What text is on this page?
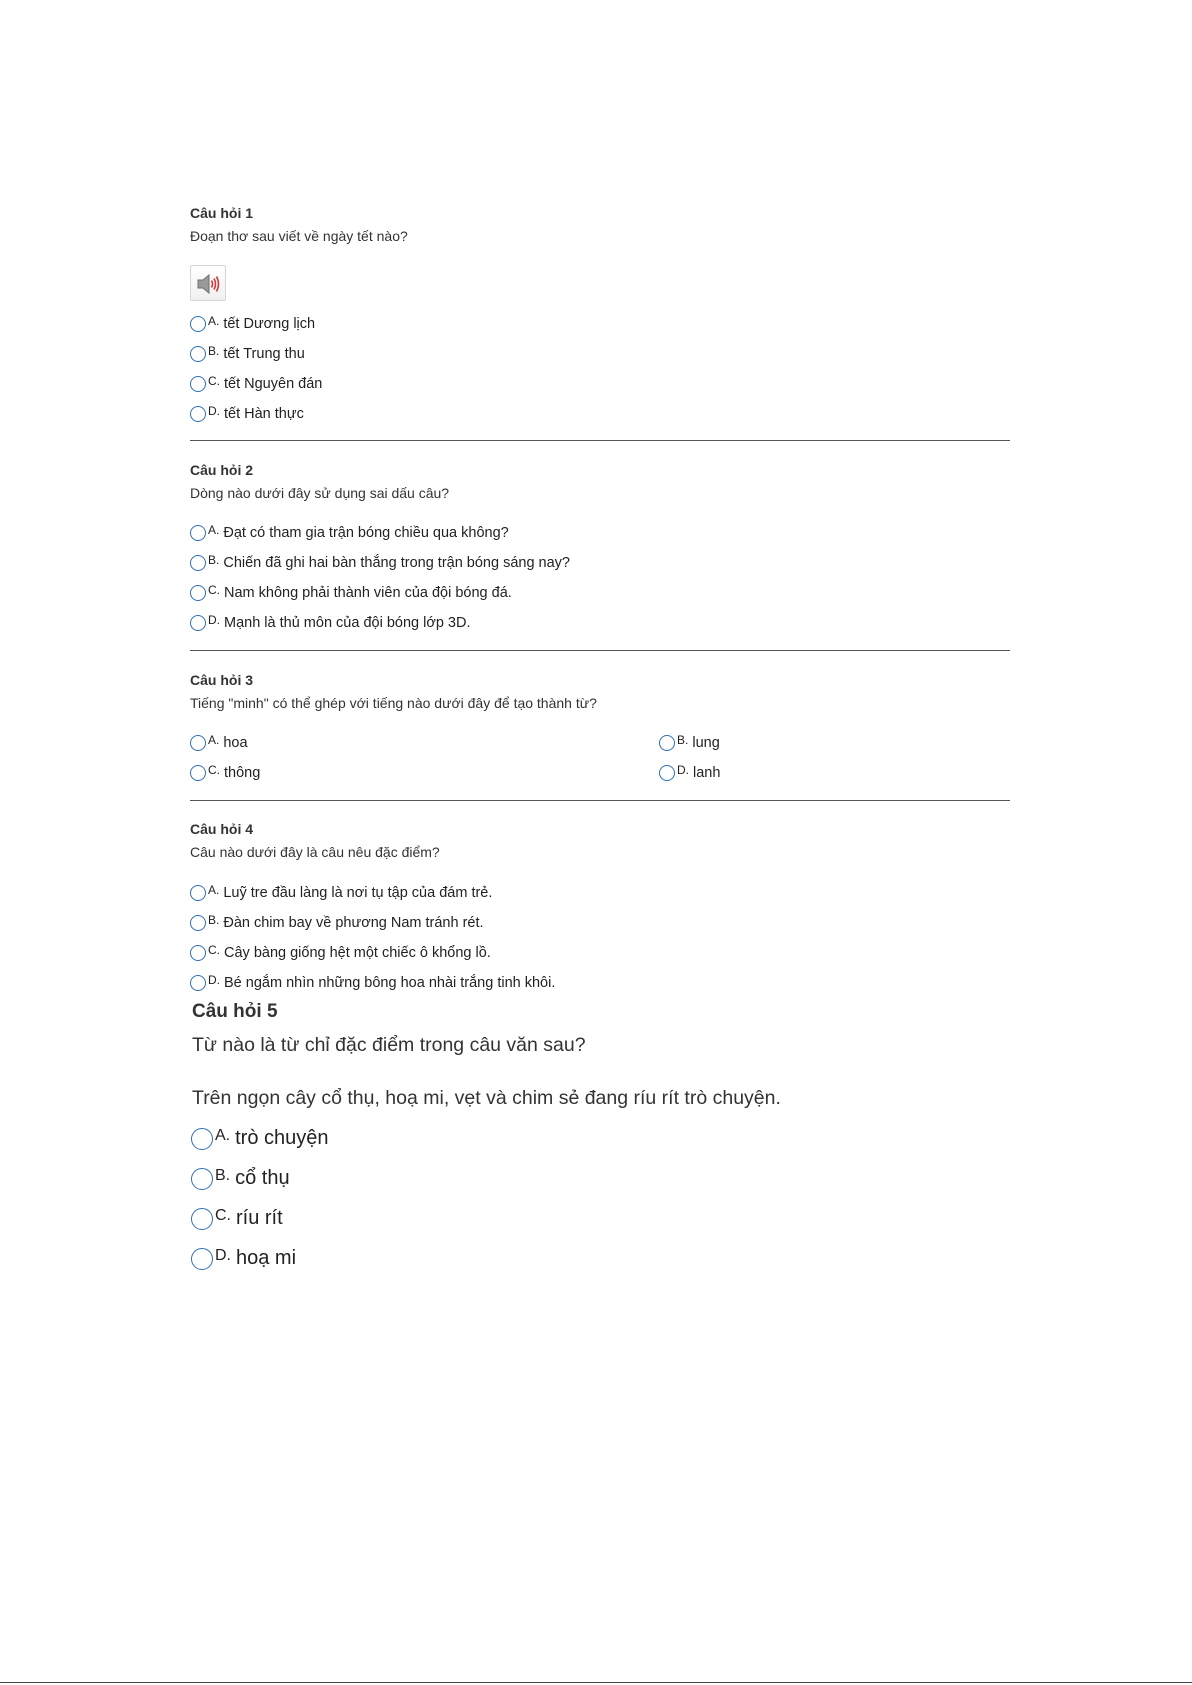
Câu hỏi 1
Đoạn thơ sau viết về ngày tết nào?
A. tết Dương lịch
B. tết Trung thu
C. tết Nguyên đán
D. tết Hàn thực
Câu hỏi 2
Dòng nào dưới đây sử dụng sai dấu câu?
A. Đạt có tham gia trận bóng chiều qua không?
B. Chiến đã ghi hai bàn thắng trong trận bóng sáng nay?
C. Nam không phải thành viên của đội bóng đá.
D. Mạnh là thủ môn của đội bóng lớp 3D.
Câu hỏi 3
Tiếng "minh" có thể ghép với tiếng nào dưới đây để tạo thành từ?
A. hoa	B. lung
C. thông	D. lanh
Câu hỏi 4
Câu nào dưới đây là câu nêu đặc điểm?
A. Luỹ tre đầu làng là nơi tụ tập của đám trẻ.
B. Đàn chim bay về phương Nam tránh rét.
C. Cây bàng giống hệt một chiếc ô khổng lồ.
D. Bé ngắm nhìn những bông hoa nhài trắng tinh khôi.
Câu hỏi 5
Từ nào là từ chỉ đặc điểm trong câu văn sau?
Trên ngọn cây cổ thụ, hoạ mi, vẹt và chim sẻ đang ríu rít trò chuyện.
A. trò chuyện
B. cổ thụ
C. ríu rít
D. hoạ mi
